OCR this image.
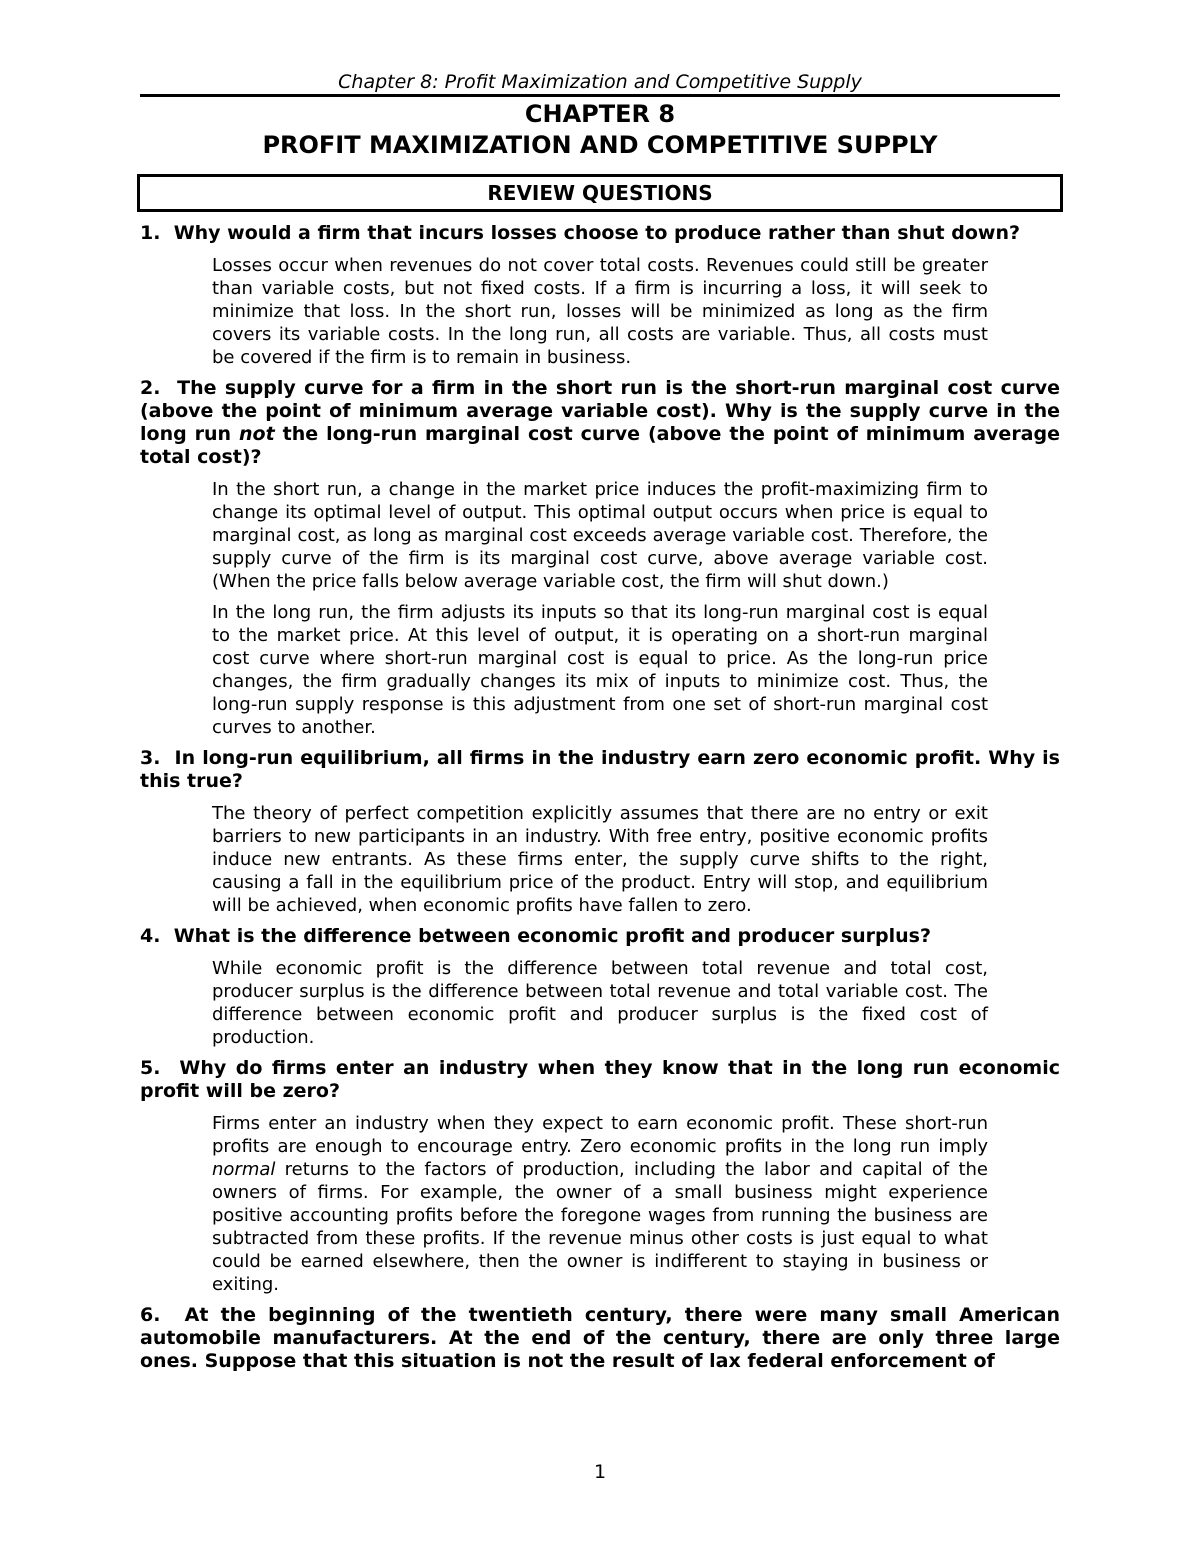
Chapter 8: Profit Maximization and Competitive Supply
CHAPTER 8
PROFIT MAXIMIZATION AND COMPETITIVE SUPPLY
REVIEW QUESTIONS

1. Why would a firm that incurs losses choose to produce rather than shut down?

Losses occur when revenues do not cover total costs. Revenues could still be greater than variable costs, but not fixed costs. If a firm is incurring a loss, it will seek to minimize that loss. In the short run, losses will be minimized as long as the firm covers its variable costs. In the long run, all costs are variable. Thus, all costs must be covered if the firm is to remain in business.

2. The supply curve for a firm in the short run is the short-run marginal cost curve (above the point of minimum average variable cost). Why is the supply curve in the long run not the long-run marginal cost curve (above the point of minimum average total cost)?

In the short run, a change in the market price induces the profit-maximizing firm to change its optimal level of output. This optimal output occurs when price is equal to marginal cost, as long as marginal cost exceeds average variable cost. Therefore, the supply curve of the firm is its marginal cost curve, above average variable cost. (When the price falls below average variable cost, the firm will shut down.)

In the long run, the firm adjusts its inputs so that its long-run marginal cost is equal to the market price. At this level of output, it is operating on a short-run marginal cost curve where short-run marginal cost is equal to price. As the long-run price changes, the firm gradually changes its mix of inputs to minimize cost. Thus, the long-run supply response is this adjustment from one set of short-run marginal cost curves to another.

3. In long-run equilibrium, all firms in the industry earn zero economic profit. Why is this true?

The theory of perfect competition explicitly assumes that there are no entry or exit barriers to new participants in an industry. With free entry, positive economic profits induce new entrants. As these firms enter, the supply curve shifts to the right, causing a fall in the equilibrium price of the product. Entry will stop, and equilibrium will be achieved, when economic profits have fallen to zero.

4. What is the difference between economic profit and producer surplus?

While economic profit is the difference between total revenue and total cost, producer surplus is the difference between total revenue and total variable cost. The difference between economic profit and producer surplus is the fixed cost of production.

5. Why do firms enter an industry when they know that in the long run economic profit will be zero?

Firms enter an industry when they expect to earn economic profit. These short-run profits are enough to encourage entry. Zero economic profits in the long run imply normal returns to the factors of production, including the labor and capital of the owners of firms. For example, the owner of a small business might experience positive accounting profits before the foregone wages from running the business are subtracted from these profits. If the revenue minus other costs is just equal to what could be earned elsewhere, then the owner is indifferent to staying in business or exiting.

6. At the beginning of the twentieth century, there were many small American automobile manufacturers. At the end of the century, there are only three large ones. Suppose that this situation is not the result of lax federal enforcement of

1
